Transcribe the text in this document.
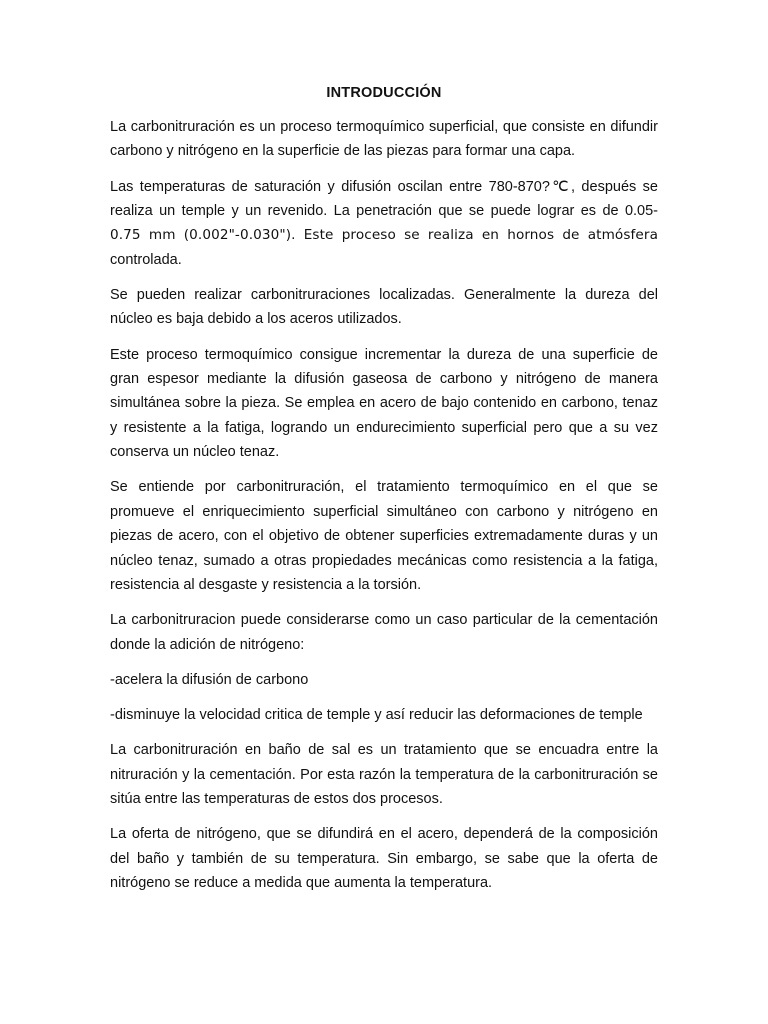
INTRODUCCIÓN

La carbonitruración es un proceso termoquímico superficial, que consiste en difundir carbono y nitrógeno en la superficie de las piezas para formar una capa.

Las temperaturas de saturación y difusión oscilan entre 780-870?℃, después se realiza un temple y un revenido. La penetración que se puede lograr es de 0.05- 0.75 mm (0.002"-0.030"). Este proceso se realiza en hornos de atmósfera controlada.

Se pueden realizar carbonitruraciones localizadas. Generalmente la dureza del núcleo es baja debido a los aceros utilizados.

Este proceso termoquímico consigue incrementar la dureza de una superficie de gran espesor mediante la difusión gaseosa de carbono y nitrógeno de manera simultánea sobre la pieza. Se emplea en acero de bajo contenido en carbono, tenaz y resistente a la fatiga, logrando un endurecimiento superficial pero que a su vez conserva un núcleo tenaz.

Se entiende por carbonitruración, el tratamiento termoquímico en el que se promueve el enriquecimiento superficial simultáneo con carbono y nitrógeno en piezas de acero, con el objetivo de obtener superficies extremadamente duras y un núcleo tenaz, sumado a otras propiedades mecánicas como resistencia a la fatiga, resistencia al desgaste y resistencia a la torsión.

La carbonitruracion puede considerarse como un caso particular de la cementación donde la adición de nitrógeno:

-acelera la difusión de carbono

-disminuye la velocidad critica de temple y así reducir las deformaciones de temple

La carbonitruración en baño de sal es un tratamiento que se encuadra entre la nitruración y la cementación. Por esta razón la temperatura de la carbonitruración se sitúa entre las temperaturas de estos dos procesos.

La oferta de nitrógeno, que se difundirá en el acero, dependerá de la composición del baño y también de su temperatura. Sin embargo, se sabe que la oferta de nitrógeno se reduce a medida que aumenta la temperatura.
